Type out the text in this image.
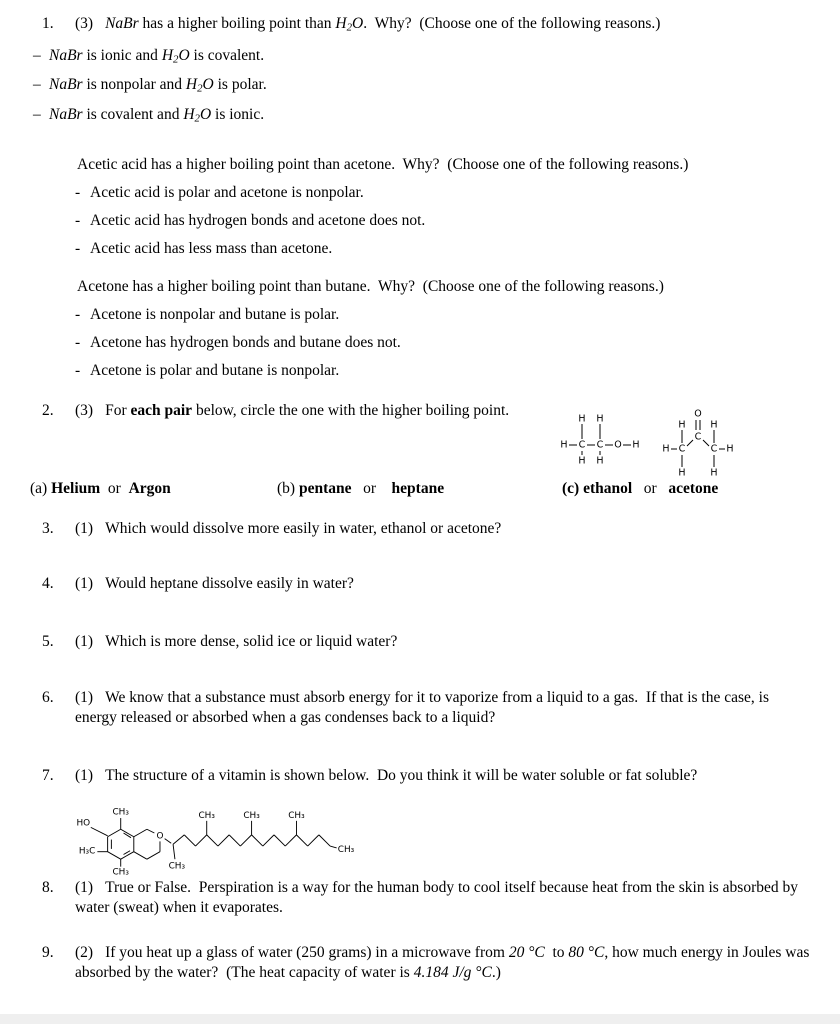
1.	(3) NaBr has a higher boiling point than $H_2O$.  Why?  (Choose one of the following reasons.)
– NaBr is ionic and $H_2O$ is covalent.
– NaBr is nonpolar and $H_2O$ is polar.
– NaBr is covalent and $H_2O$ is ionic.
Acetic acid has a higher boiling point than acetone.  Why?  (Choose one of the following reasons.)
- Acetic acid is polar and acetone is nonpolar.
- Acetic acid has hydrogen bonds and acetone does not.
- Acetic acid has less mass than acetone.
Acetone has a higher boiling point than butane.  Why?  (Choose one of the following reasons.)
- Acetone is nonpolar and butane is polar.
- Acetone has hydrogen bonds and butane does not.
- Acetone is polar and butane is nonpolar.
2.	(3) For each pair below, circle the one with the higher boiling point.
H C C O H
H H
H H
O
C
H C	C H
H	H
H	H
(a) Helium  or  Argon	(b) pentane   or    heptane	(c) ethanol   or   acetone
3.	(1) Which would dissolve more easily in water, ethanol or acetone?
4.	(1) Would heptane dissolve easily in water?
5.	(1) Which is more dense, solid ice or liquid water?
6.	(1) We know that a substance must absorb energy for it to vaporize from a liquid to a gas.  If that is the case, is energy released or absorbed when a gas condenses back to a liquid?
7.	(1) The structure of a vitamin is shown below.  Do you think it will be water soluble or fat soluble?
HO
CH₃
H₃C
CH₃
O
CH₃
CH₃	CH₃	CH₃
CH₃
8.	(1) True or False.  Perspiration is a way for the human body to cool itself because heat from the skin is absorbed by water (sweat) when it evaporates.
9.	(2) If you heat up a glass of water (250 grams) in a microwave from 20 °C  to 80 °C, how much energy in Joules was absorbed by the water?  (The heat capacity of water is 4.184 J/g °C.)
